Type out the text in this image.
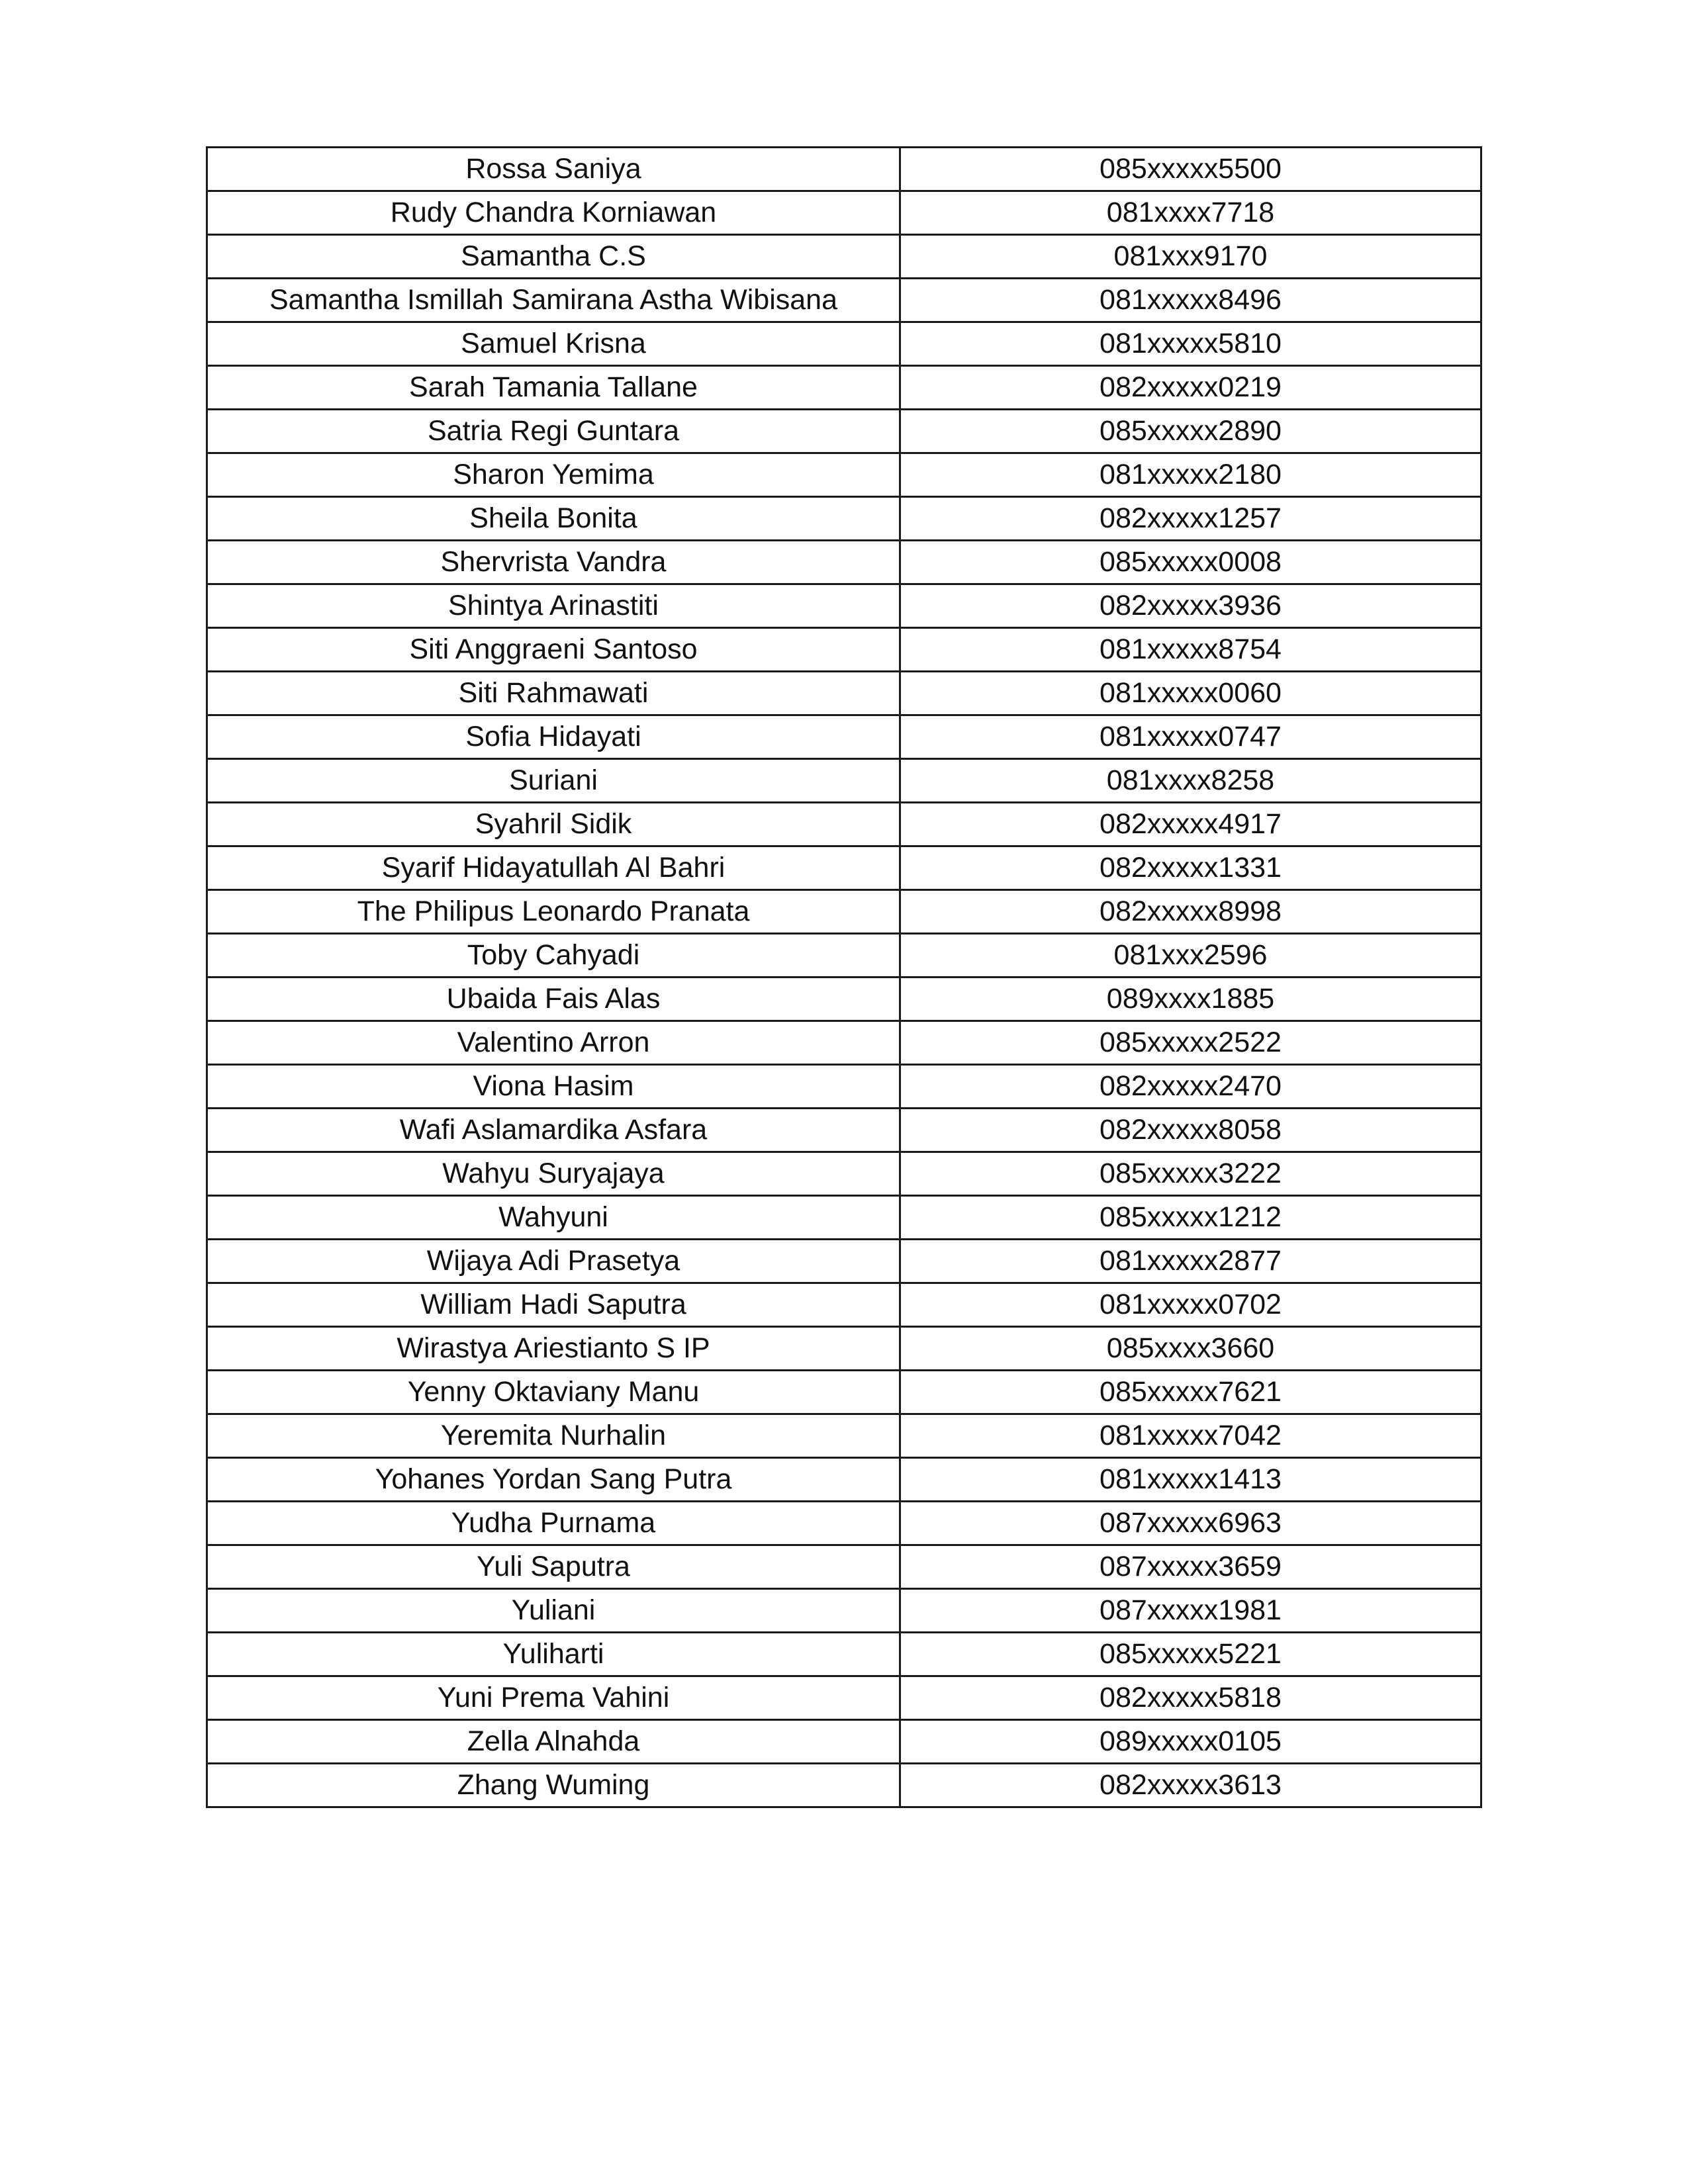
Rossa Saniya	085xxxxx5500
Rudy Chandra Korniawan	081xxxx7718
Samantha C.S	081xxx9170
Samantha Ismillah Samirana Astha Wibisana	081xxxxx8496
Samuel Krisna	081xxxxx5810
Sarah Tamania Tallane	082xxxxx0219
Satria Regi Guntara	085xxxxx2890
Sharon Yemima	081xxxxx2180
Sheila Bonita	082xxxxx1257
Shervrista Vandra	085xxxxx0008
Shintya Arinastiti	082xxxxx3936
Siti Anggraeni Santoso	081xxxxx8754
Siti Rahmawati	081xxxxx0060
Sofia Hidayati	081xxxxx0747
Suriani	081xxxx8258
Syahril Sidik	082xxxxx4917
Syarif Hidayatullah Al Bahri	082xxxxx1331
The Philipus Leonardo Pranata	082xxxxx8998
Toby Cahyadi	081xxx2596
Ubaida Fais Alas	089xxxx1885
Valentino Arron	085xxxxx2522
Viona Hasim	082xxxxx2470
Wafi Aslamardika Asfara	082xxxxx8058
Wahyu Suryajaya	085xxxxx3222
Wahyuni	085xxxxx1212
Wijaya Adi Prasetya	081xxxxx2877
William Hadi Saputra	081xxxxx0702
Wirastya Ariestianto S IP	085xxxx3660
Yenny Oktaviany Manu	085xxxxx7621
Yeremita Nurhalin	081xxxxx7042
Yohanes Yordan Sang Putra	081xxxxx1413
Yudha Purnama	087xxxxx6963
Yuli Saputra	087xxxxx3659
Yuliani	087xxxxx1981
Yuliharti	085xxxxx5221
Yuni Prema Vahini	082xxxxx5818
Zella Alnahda	089xxxxx0105
Zhang Wuming	082xxxxx3613
